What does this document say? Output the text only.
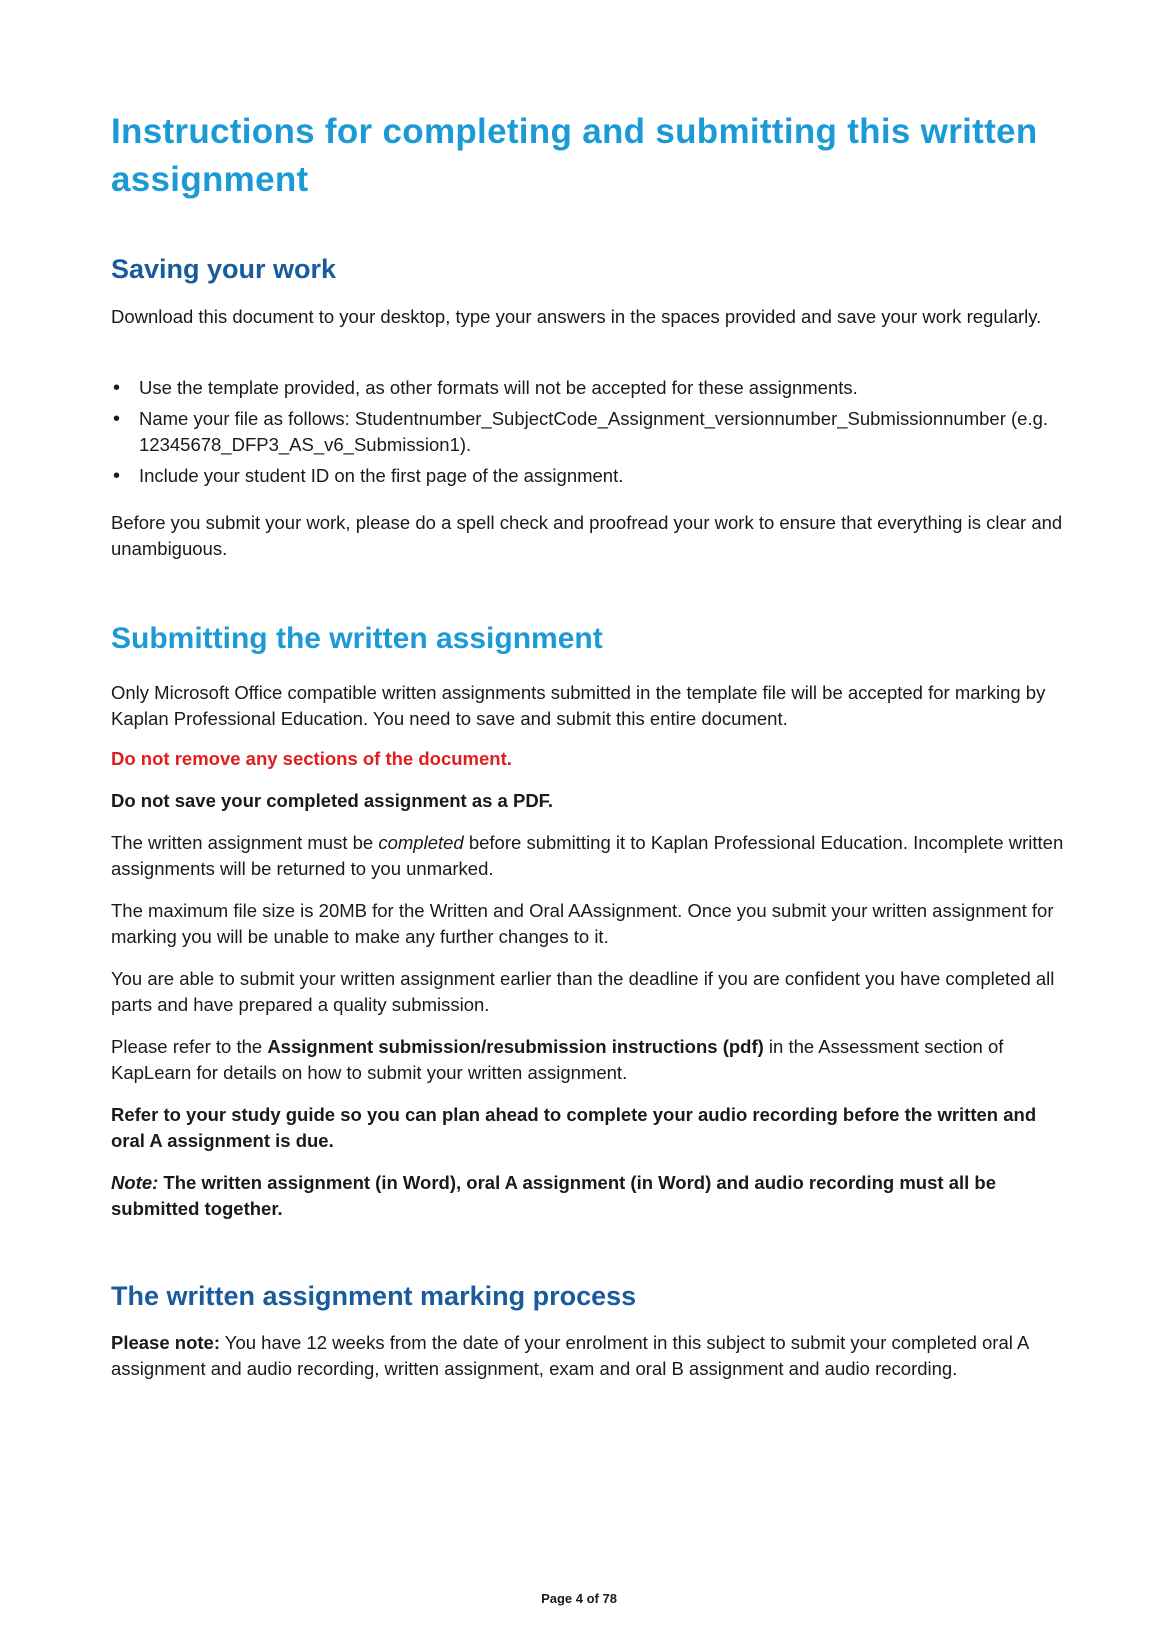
Instructions for completing and submitting this written assignment
Saving your work

Download this document to your desktop, type your answers in the spaces provided and save your work regularly.

• Use the template provided, as other formats will not be accepted for these assignments.
• Name your file as follows: Studentnumber_SubjectCode_Assignment_versionnumber_Submissionnumber (e.g. 12345678_DFP3_AS_v6_Submission1).
• Include your student ID on the first page of the assignment.

Before you submit your work, please do a spell check and proofread your work to ensure that everything is clear and unambiguous.

Submitting the written assignment

Only Microsoft Office compatible written assignments submitted in the template file will be accepted for marking by Kaplan Professional Education. You need to save and submit this entire document.

Do not remove any sections of the document.

Do not save your completed assignment as a PDF.

The written assignment must be completed before submitting it to Kaplan Professional Education. Incomplete written assignments will be returned to you unmarked.

The maximum file size is 20MB for the Written and Oral AAssignment. Once you submit your written assignment for marking you will be unable to make any further changes to it.

You are able to submit your written assignment earlier than the deadline if you are confident you have completed all parts and have prepared a quality submission.

Please refer to the Assignment submission/resubmission instructions (pdf) in the Assessment section of KapLearn for details on how to submit your written assignment.

Refer to your study guide so you can plan ahead to complete your audio recording before the written and oral A assignment is due.

Note: The written assignment (in Word), oral A assignment (in Word) and audio recording must all be submitted together.

The written assignment marking process

Please note: You have 12 weeks from the date of your enrolment in this subject to submit your completed oral A assignment and audio recording, written assignment, exam and oral B assignment and audio recording.

Page 4 of 78
